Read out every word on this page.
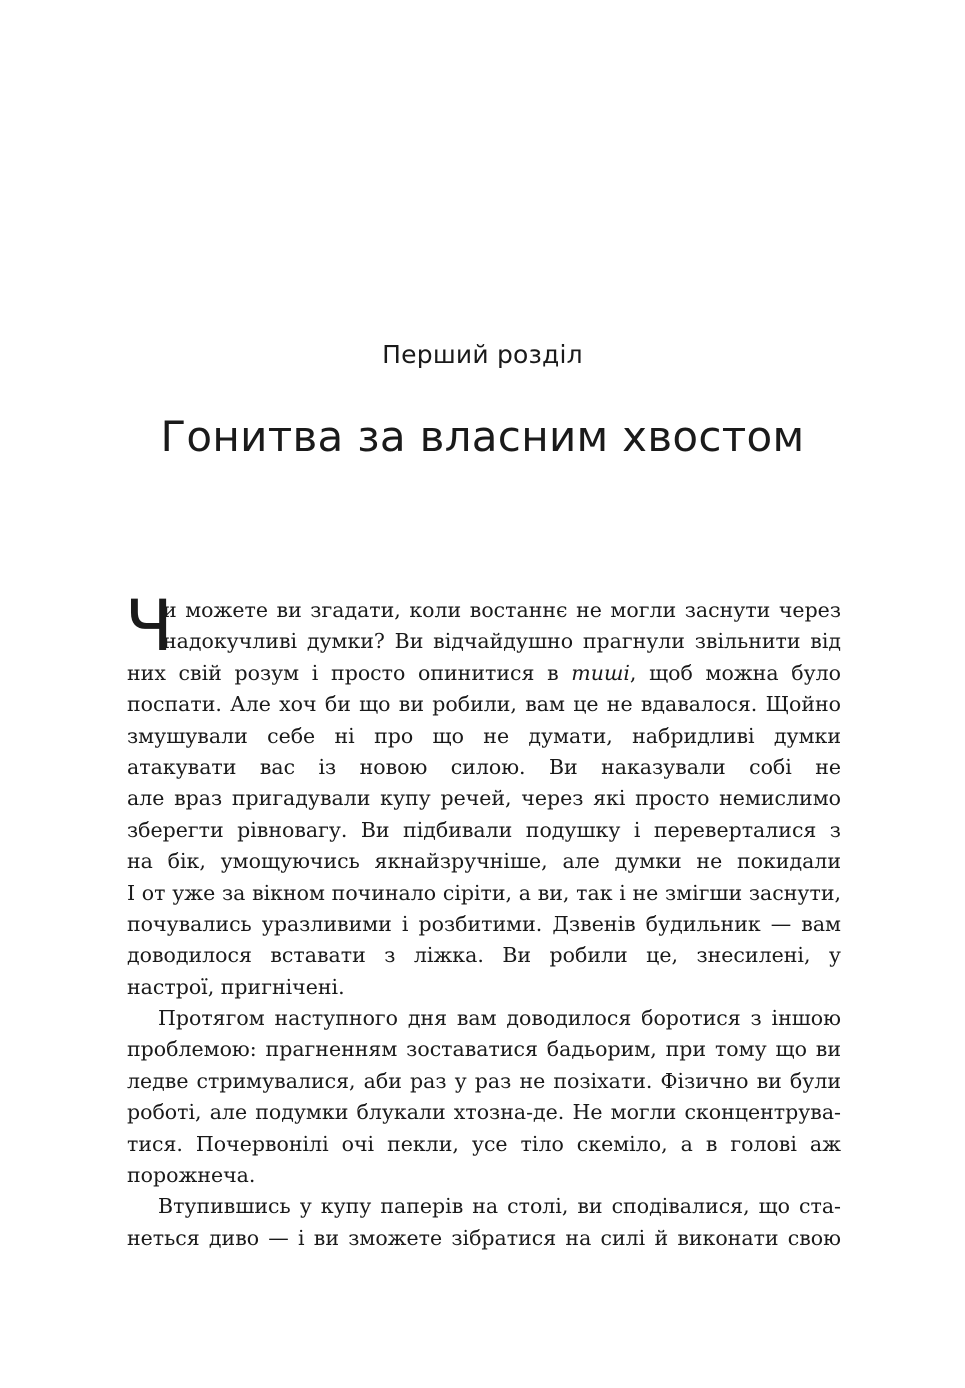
Перший розділ
Гонитва за власним хвостом
Ч
и можете ви згадати, коли востаннє не могли заснути через
надокучливі думки? Ви відчайдушно прагнули звільнити від
них свій розум і просто опинитися в тиші, щоб можна було
поспати. Але хоч би що ви робили, вам це не вдавалося. Щойно
змушували себе ні про що не думати, набридливі думки
атакувати вас із новою силою. Ви наказували собі не
але враз пригадували купу речей, через які просто немислимо
зберегти рівновагу. Ви підбивали подушку і переверталися з
на бік, умощуючись якнайзручніше, але думки не покидали
І от уже за вікном починало сіріти, а ви, так і не змігши заснути,
почувались уразливими і розбитими. Дзвенів будильник — вам
доводилося вставати з ліжка. Ви робили це, знесилені, у
настрої, пригнічені.
Протягом наступного дня вам доводилося боротися з іншою
проблемою: прагненням зоставатися бадьорим, при тому що ви
ледве стримувалися, аби раз у раз не позіхати. Фізично ви були
роботі, але подумки блукали хтозна-де. Не могли сконцентрува-
тися. Почервонілі очі пекли, усе тіло скеміло, а в голові аж
порожнеча.
Втупившись у купу паперів на столі, ви сподівалися, що ста-
неться диво — і ви зможете зібратися на силі й виконати свою
